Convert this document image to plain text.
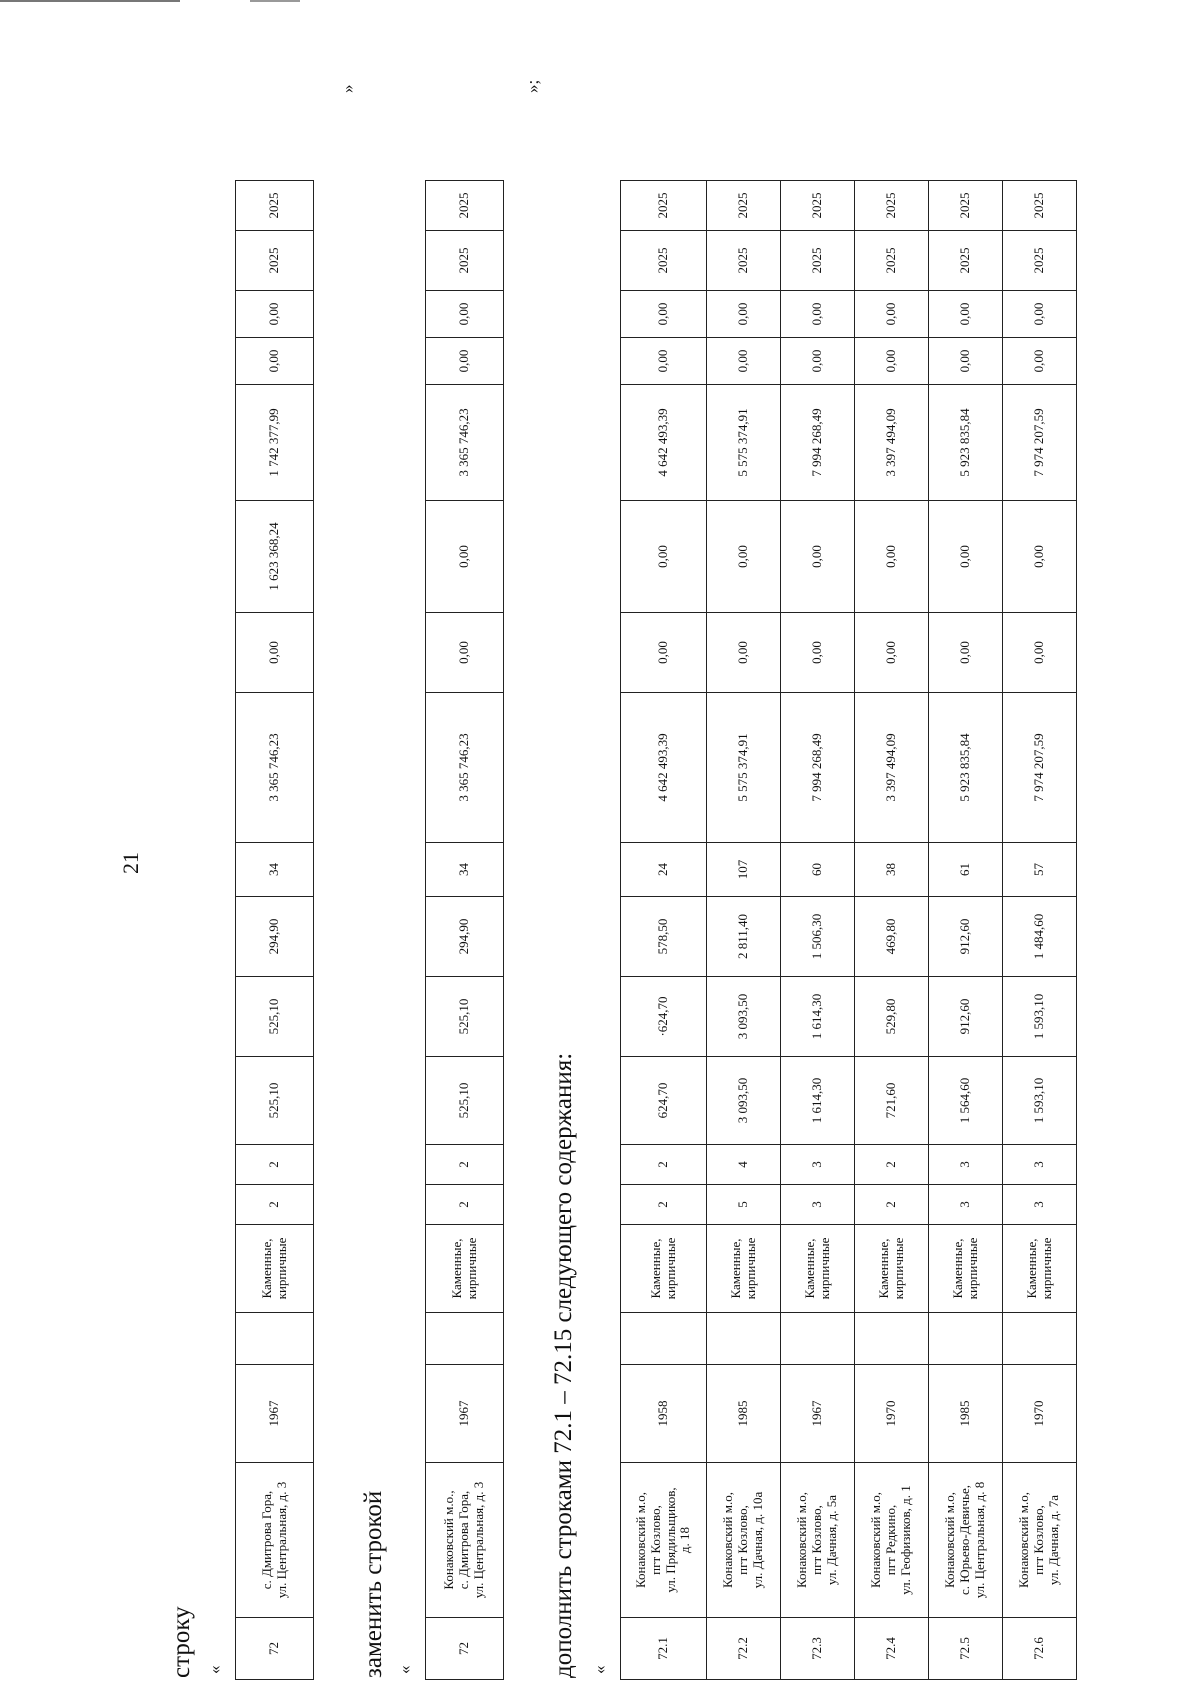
21
строку «
72	с. Дмитрова Гора,
ул. Центральная, д. 3	1967		Каменные,
кирпичные	2	2	525,10	525,10	294,90	34	3 365 746,23	0,00	1 623 368,24	1 742 377,99	0,00	0,00	2025	2025
»
заменить строкой «
72	Конаковский м.о.,
с. Дмитрова Гора,
ул. Центральная, д. 3	1967		Каменные,
кирпичные	2	2	525,10	525,10	294,90	34	3 365 746,23	0,00	0,00	3 365 746,23	0,00	0,00	2025	2025
»;
дополнить строками 72.1 – 72.15 следующего содержания: «
72.1	Конаковский м.о,
пгт Козлово,
ул. Прядильщиков,
д. 18	1958		Каменные,
кирпичные	2	2	624,70	·624,70	578,50	24	4 642 493,39	0,00	0,00	4 642 493,39	0,00	0,00	2025	2025
72.2	Конаковский м.о,
пгт Козлово,
ул. Дачная, д. 10а	1985		Каменные,
кирпичные	5	4	3 093,50	3 093,50	2 811,40	107	5 575 374,91	0,00	0,00	5 575 374,91	0,00	0,00	2025	2025
72.3	Конаковский м.о,
пгт Козлово,
ул. Дачная, д. 5а	1967		Каменные,
кирпичные	3	3	1 614,30	1 614,30	1 506,30	60	7 994 268,49	0,00	0,00	7 994 268,49	0,00	0,00	2025	2025
72.4	Конаковский м.о,
пгт Редкино,
ул. Геофизиков, д. 1	1970		Каменные,
кирпичные	2	2	721,60	529,80	469,80	38	3 397 494,09	0,00	0,00	3 397 494,09	0,00	0,00	2025	2025
72.5	Конаковский м.о,
с. Юрьево-Девичье,
ул. Центральная, д. 8	1985		Каменные,
кирпичные	3	3	1 564,60	912,60	912,60	61	5 923 835,84	0,00	0,00	5 923 835,84	0,00	0,00	2025	2025
72.6	Конаковский м.о,
пгт Козлово,
ул. Дачная, д. 7а	1970		Каменные,
кирпичные	3	3	1 593,10	1 593,10	1 484,60	57	7 974 207,59	0,00	0,00	7 974 207,59	0,00	0,00	2025	2025
